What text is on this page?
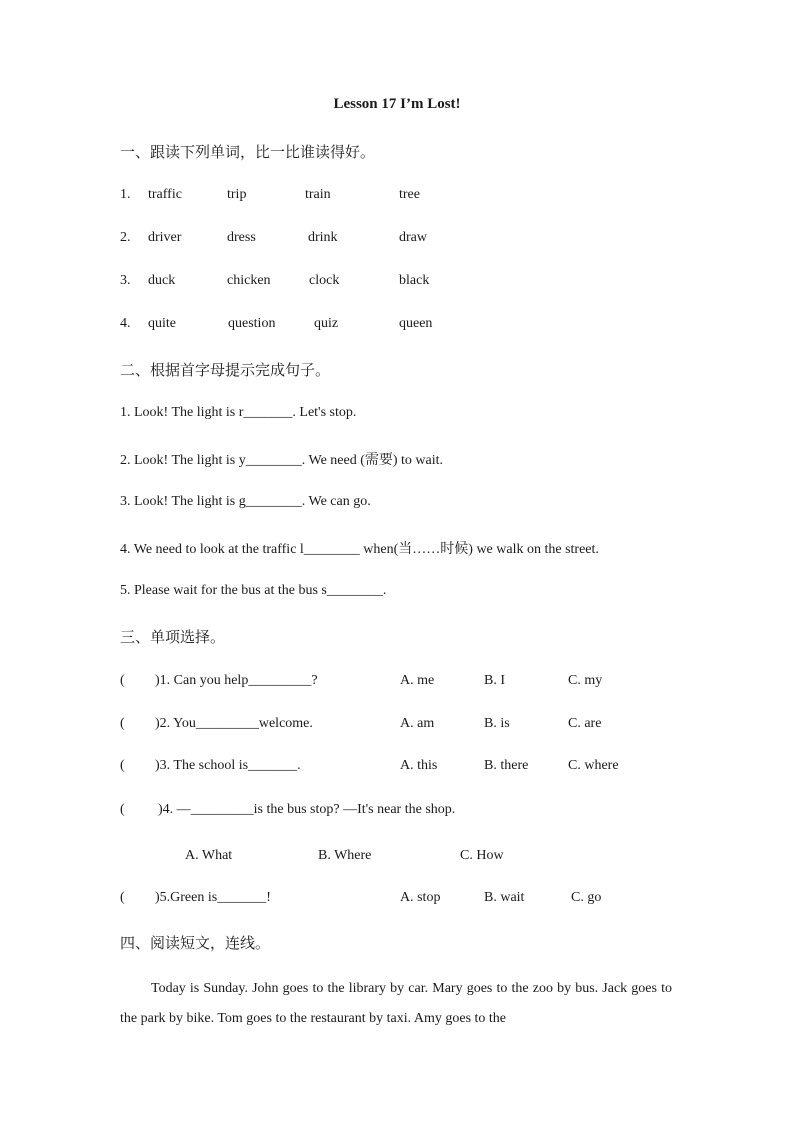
Lesson 17 I’m Lost!
一、跟读下列单词，比一比谁读得好。
1. traffic	trip	train	tree
2. driver	dress	drink	draw
3. duck	chicken	clock	black
4. quite	question	quiz	queen
二、根据首字母提示完成句子。
1. Look! The light is r_______. Let's stop.
2. Look! The light is y________. We need (需要) to wait.
3. Look! The light is g________. We can go.
4. We need to look at the traffic l________ when(当……时候) we walk on the street.
5. Please wait for the bus at the bus s________.
三、单项选择。
( )1. Can you help_________?	A. me	B. I	C. my
( )2. You_________welcome.	A. am	B. is	C. are
( )3. The school is_______.	A. this	B. there	C. where
( )4. —_________is the bus stop? —It's near the shop.
A. What	B. Where	C. How
( )5.Green is_______!	A. stop	B. wait	C. go
四、阅读短文，连线。
Today is Sunday. John goes to the library by car. Mary goes to the zoo by bus. Jack goes to the park by bike. Tom goes to the restaurant by taxi. Amy goes to the
